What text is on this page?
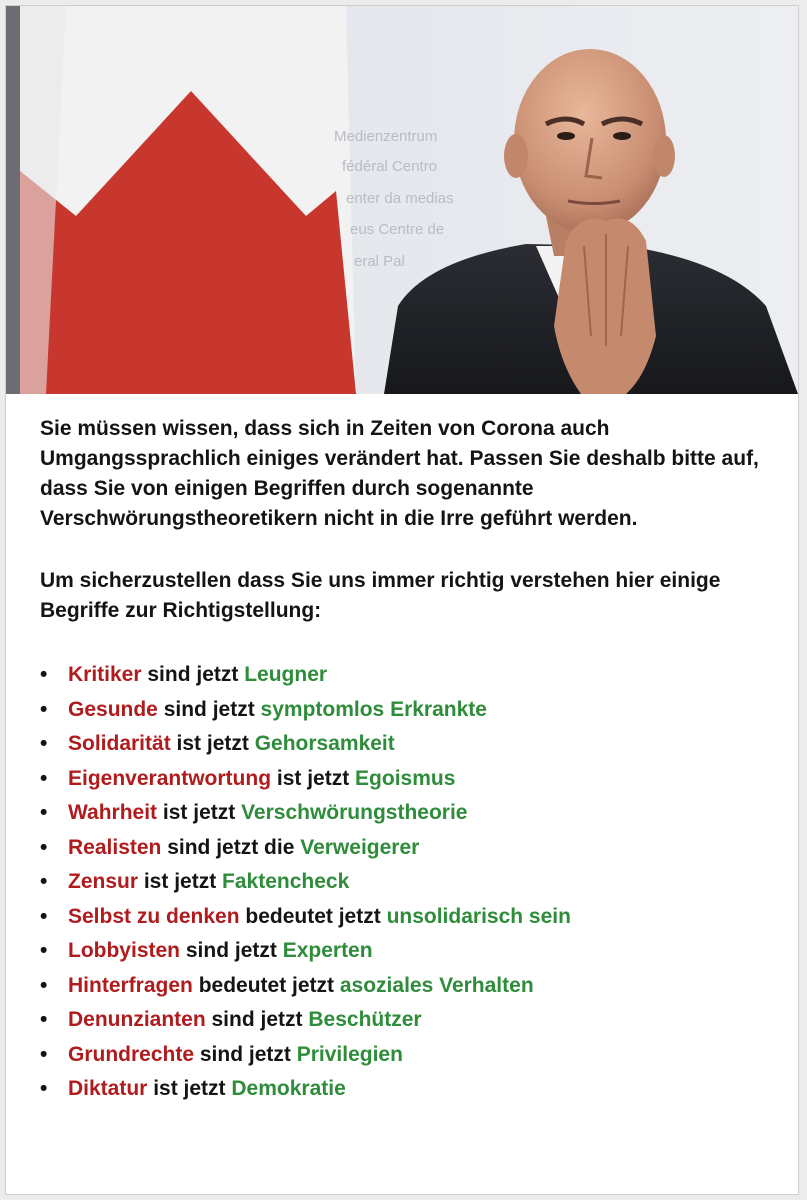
Medienzentrum
fédéral Centro
enter da medias
eus Centre de
eral Pal

Sie müssen wissen, dass sich in Zeiten von Corona auch Umgangssprachlich einiges verändert hat. Passen Sie deshalb bitte auf, dass Sie von einigen Begriffen durch sogenannte Verschwörungstheoretikern nicht in die Irre geführt werden.

Um sicherzustellen dass Sie uns immer richtig verstehen hier einige Begriffe zur Richtigstellung:

• Kritiker sind jetzt Leugner
• Gesunde sind jetzt symptomlos Erkrankte
• Solidarität ist jetzt Gehorsamkeit
• Eigenverantwortung ist jetzt Egoismus
• Wahrheit ist jetzt Verschwörungstheorie
• Realisten sind jetzt die Verweigerer
• Zensur ist jetzt Faktencheck
• Selbst zu denken bedeutet jetzt unsolidarisch sein
• Lobbyisten sind jetzt Experten
• Hinterfragen bedeutet jetzt asoziales Verhalten
• Denunzianten sind jetzt Beschützer
• Grundrechte sind jetzt Privilegien
• Diktatur ist jetzt Demokratie
